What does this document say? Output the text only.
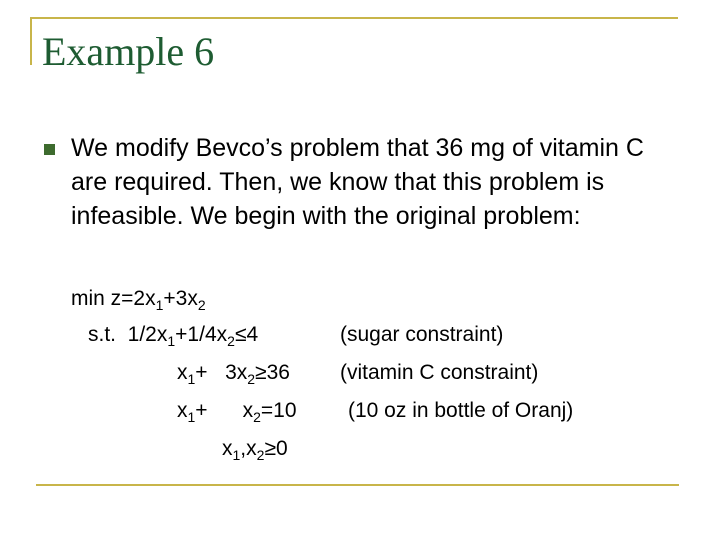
Example 6
We modify Bevco’s problem that 36 mg of vitamin C are required. Then, we know that this problem is infeasible. We begin with the original problem:
$\min z=2x_1+3x_2$
s.t.  $1/2x_1+1/4x_2\le 4$	(sugar constraint)
$x_1+ 3x_2\ge 36$ (vitamin C constraint)
$x_1+$      $x_2=10$ (10 oz in bottle of Oranj)
$x_1,x_2\ge 0$
